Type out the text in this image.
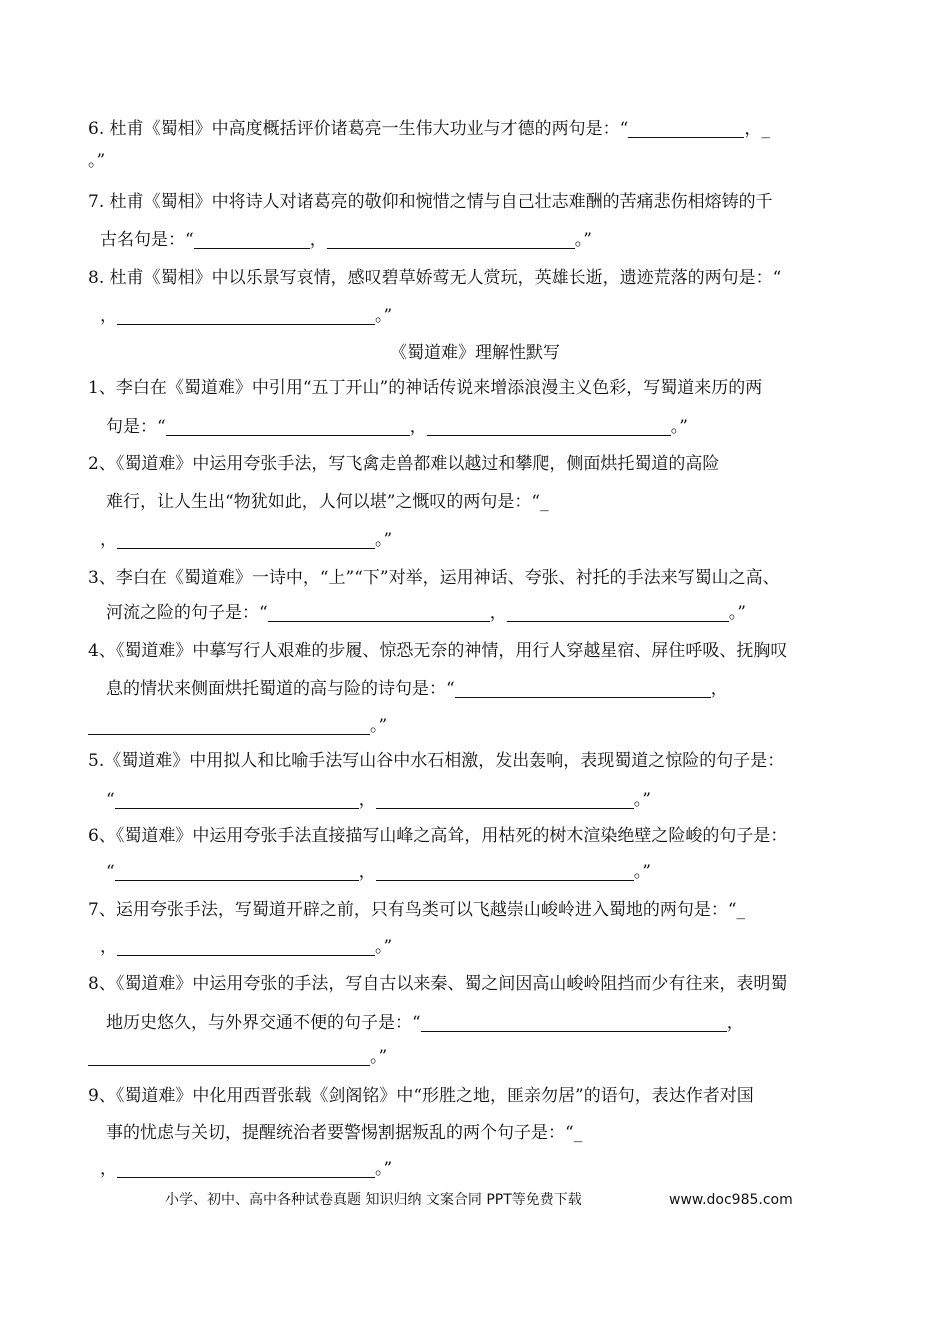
6. 杜甫《蜀相》中高度概括评价诸葛亮一生伟大功业与才德的两句是：“	，_
。”
7. 杜甫《蜀相》中将诗人对诸葛亮的敬仰和惋惜之情与自己壮志难酬的苦痛悲伤相熔铸的千
古名句是：“	，	。”
8. 杜甫《蜀相》中以乐景写哀情，感叹碧草娇莺无人赏玩，英雄长逝，遗迹荒落的两句是：“
，	。”
《蜀道难》理解性默写
1、李白在《蜀道难》中引用“五丁开山”的神话传说来增添浪漫主义色彩，写蜀道来历的两
句是：“	，	。”
2、《蜀道难》中运用夸张手法，写飞禽走兽都难以越过和攀爬，侧面烘托蜀道的高险
难行，让人生出“物犹如此，人何以堪”之慨叹的两句是：“_
，	。”
3、李白在《蜀道难》一诗中，“上”“下”对举，运用神话、夸张、衬托的手法来写蜀山之高、
河流之险的句子是：“	，	。”
4、《蜀道难》中摹写行人艰难的步履、惊恐无奈的神情，用行人穿越星宿、屏住呼吸、抚胸叹
息的情状来侧面烘托蜀道的高与险的诗句是：“	，
。”
5.《蜀道难》中用拟人和比喻手法写山谷中水石相激，发出轰响，表现蜀道之惊险的句子是：
“	，	。”
6、《蜀道难》中运用夸张手法直接描写山峰之高耸，用枯死的树木渲染绝壁之险峻的句子是：
“	，	。”
7、运用夸张手法，写蜀道开辟之前，只有鸟类可以飞越崇山峻岭进入蜀地的两句是：“_
，	。”
8、《蜀道难》中运用夸张的手法，写自古以来秦、蜀之间因高山峻岭阻挡而少有往来，表明蜀
地历史悠久，与外界交通不便的句子是：“	，
。”
9、《蜀道难》中化用西晋张载《剑阁铭》中“形胜之地，匪亲勿居”的语句，表达作者对国
事的忧虑与关切，提醒统治者要警惕割据叛乱的两个句子是：“_
，	。”
小学、初中、高中各种试卷真题 知识归纳 文案合同 PPT等免费下载	www.doc985.com
